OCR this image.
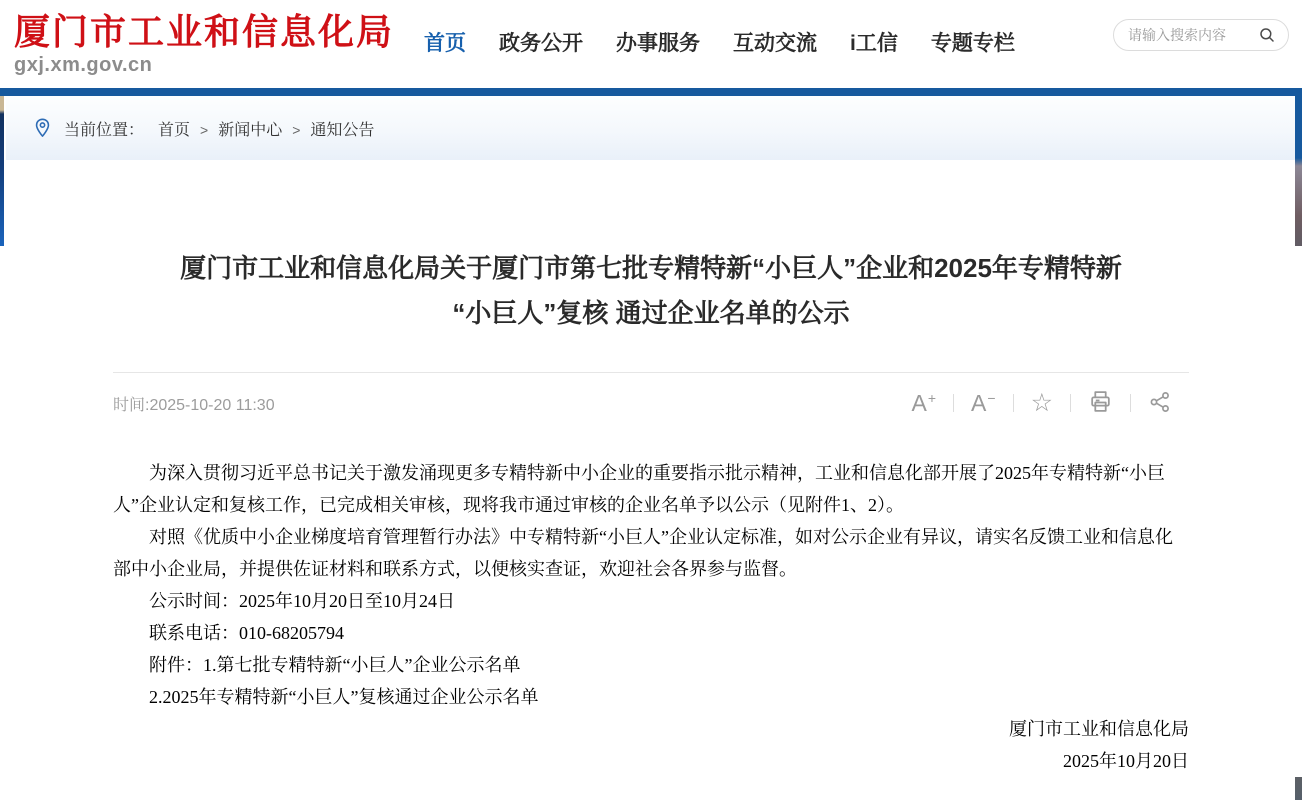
厦门市工业和信息化局
gxj.xm.gov.cn
首页 政务公开 办事服务 互动交流 i工信 专题专栏
请输入搜索内容
当前位置： 首页 > 新闻中心 > 通知公告
厦门市工业和信息化局关于厦门市第七批专精特新“小巨人”企业和2025年专精特新
“小巨人”复核 通过企业名单的公示
时间:2025-10-20 11:30	A + A − ☆

为深入贯彻习近平总书记关于激发涌现更多专精特新中小企业的重要指示批示精神，工业和信息化部开展了2025年专精特新“小巨人”企业认定和复核工作，已完成相关审核，现将我市通过审核的企业名单予以公示（见附件1、2）。

对照《优质中小企业梯度培育管理暂行办法》中专精特新“小巨人”企业认定标准，如对公示企业有异议，请实名反馈工业和信息化部中小企业局，并提供佐证材料和联系方式，以便核实查证，欢迎社会各界参与监督。

公示时间：2025年10月20日至10月24日

联系电话：010-68205794

附件：1.第七批专精特新“小巨人”企业公示名单

2.2025年专精特新“小巨人”复核通过企业公示名单

厦门市工业和信息化局

2025年10月20日
